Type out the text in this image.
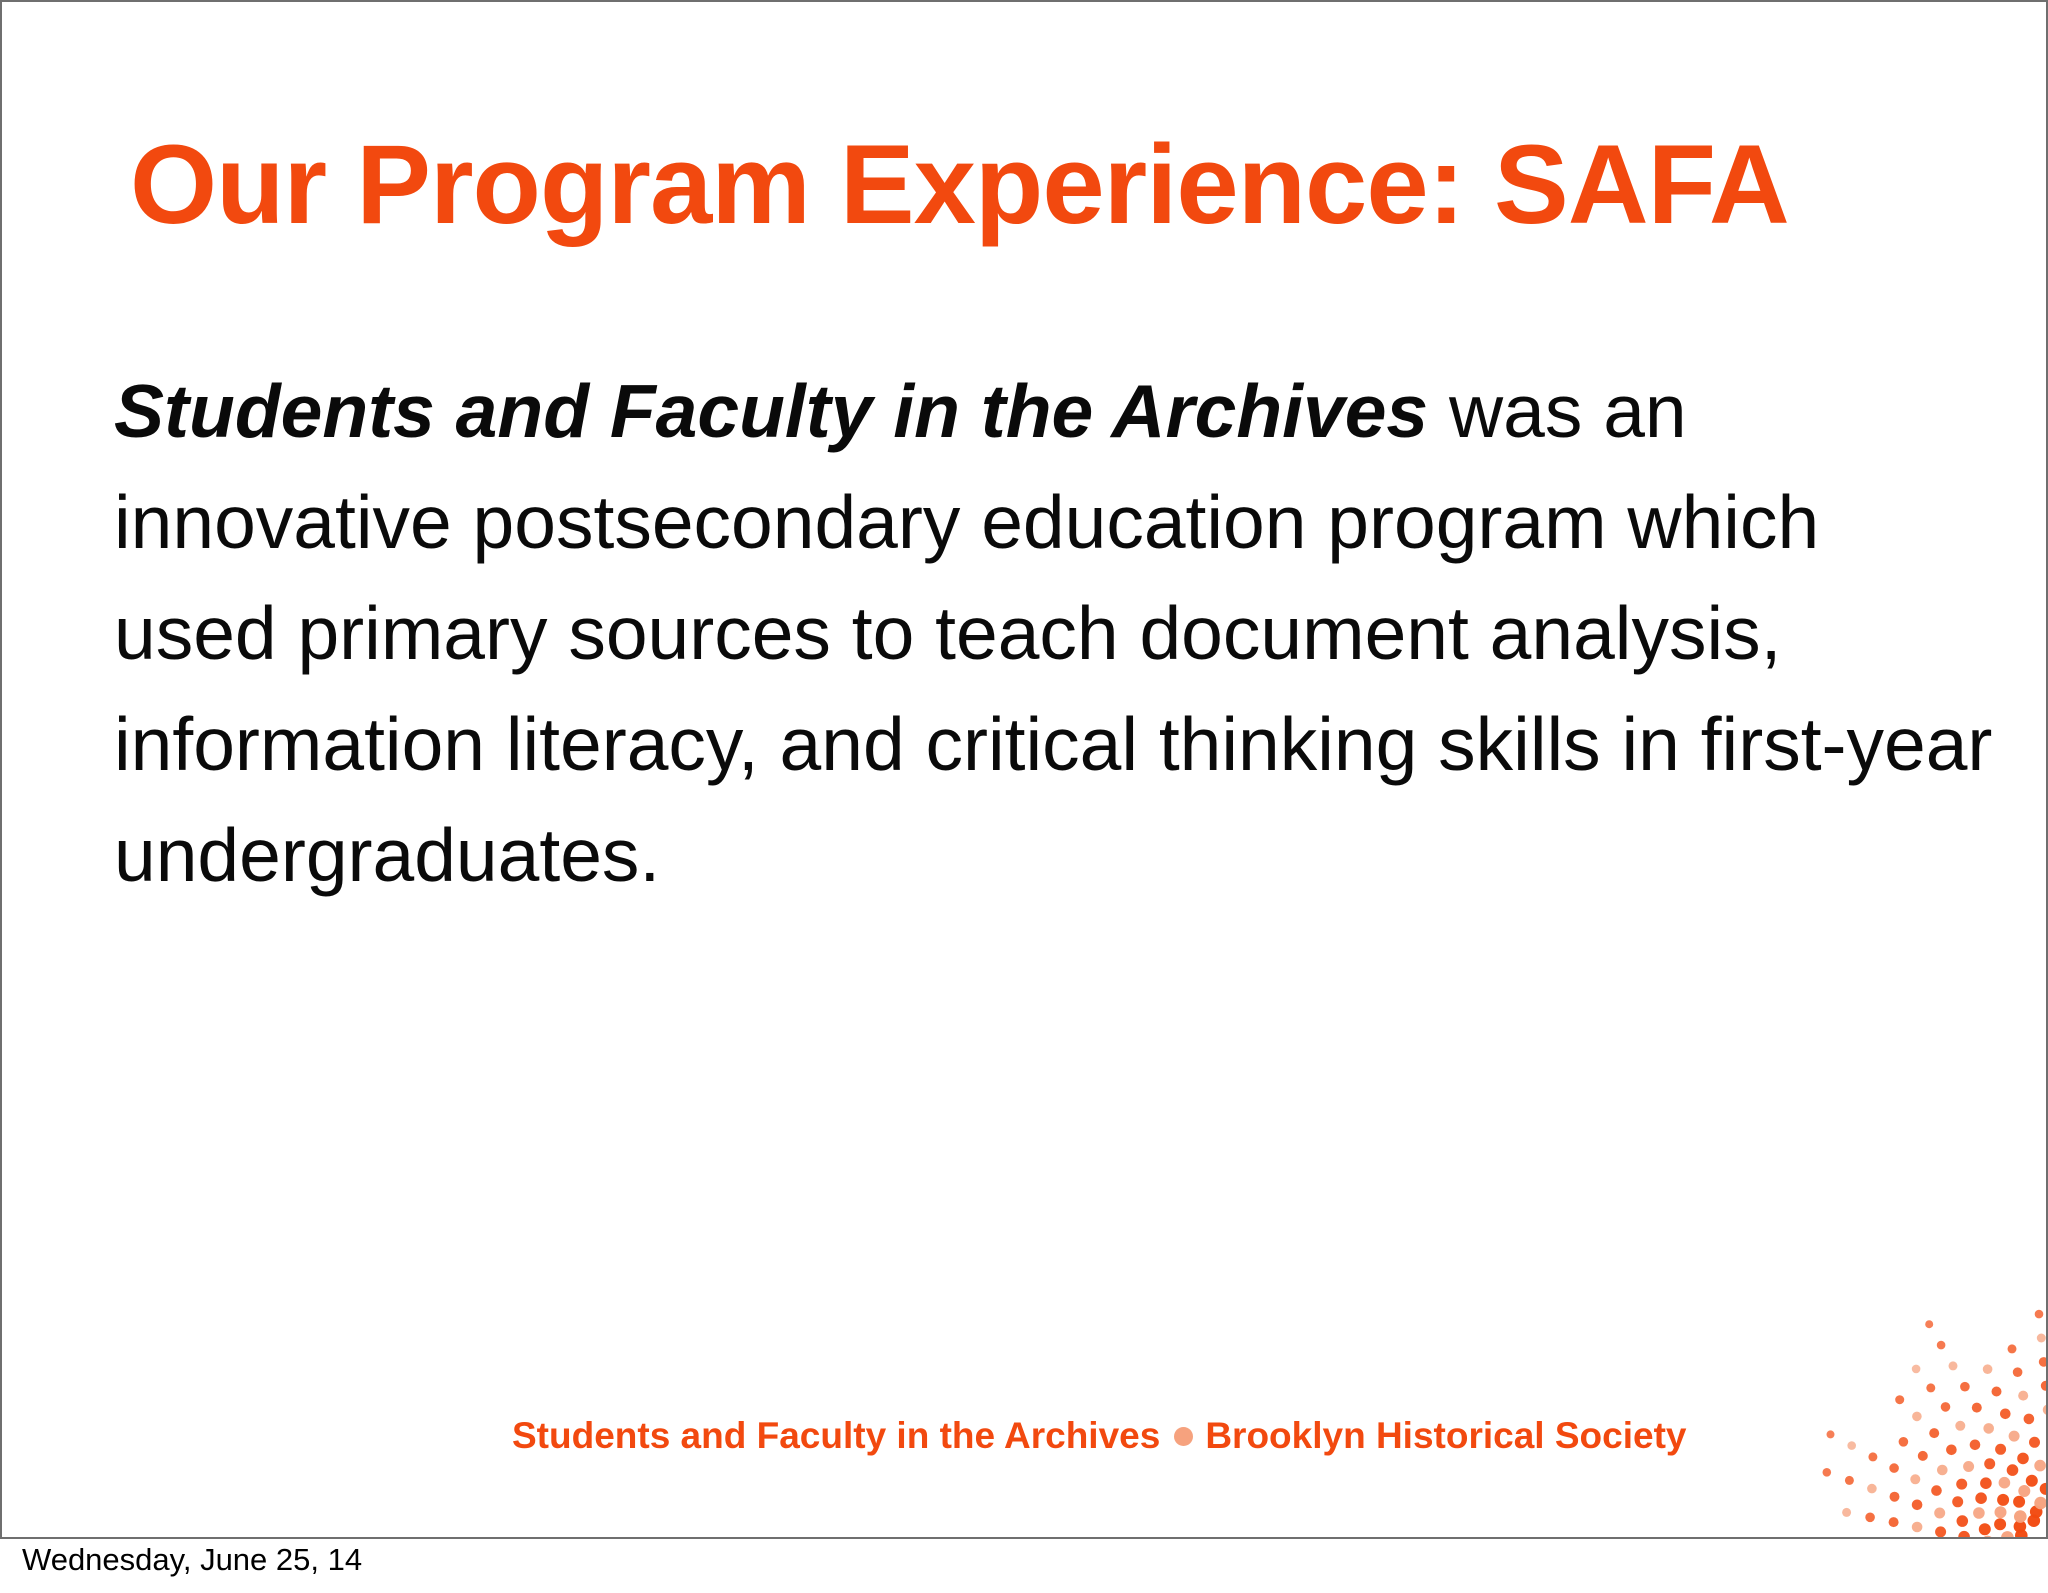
Our Program Experience: SAFA

Students and Faculty in the Archives was an innovative postsecondary education program which used primary sources to teach document analysis, information literacy, and critical thinking skills in first-year undergraduates.

Students and Faculty in the Archives Brooklyn Historical Society
Wednesday, June 25, 14
